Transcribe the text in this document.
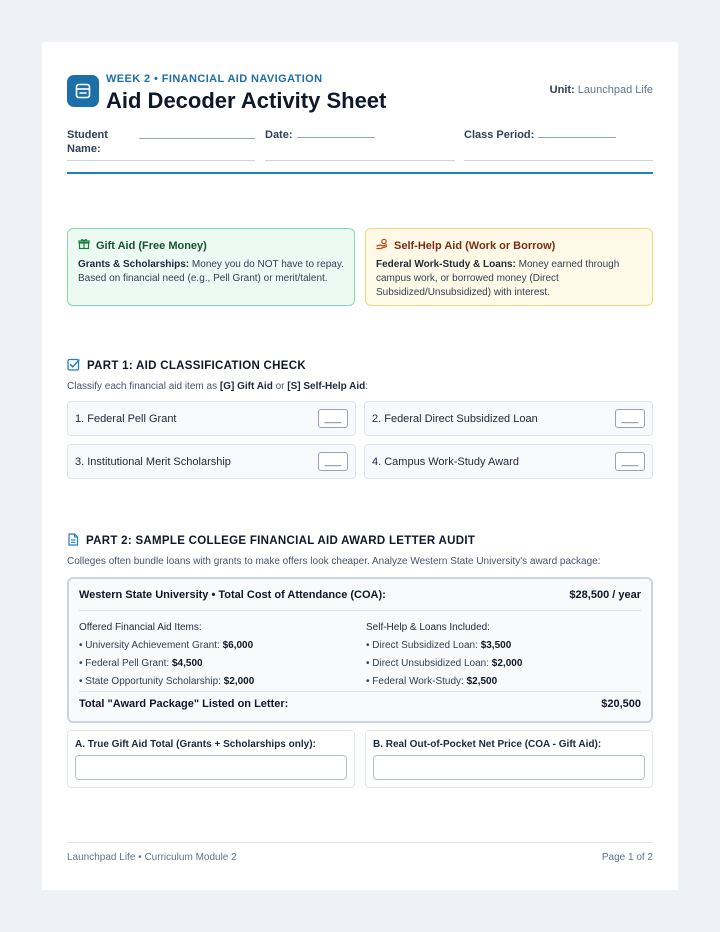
WEEK 2 • FINANCIAL AID NAVIGATION
Aid Decoder Activity Sheet	Unit: Launchpad Life
Student Name:
Date:	Class Period:
Gift Aid (Free Money)
Grants & Scholarships: Money you do NOT have to repay. Based on financial need (e.g., Pell Grant) or merit/talent.
Self-Help Aid (Work or Borrow)
Federal Work-Study & Loans: Money earned through campus work, or borrowed money (Direct Subsidized/Unsubsidized) with interest.
PART 1: AID CLASSIFICATION CHECK
Classify each financial aid item as [G] Gift Aid or [S] Self-Help Aid:
1. Federal Pell Grant	___	2. Federal Direct Subsidized Loan	___
3. Institutional Merit Scholarship	___	4. Campus Work-Study Award	___
PART 2: SAMPLE COLLEGE FINANCIAL AID AWARD LETTER AUDIT
Colleges often bundle loans with grants to make offers look cheaper. Analyze Western State University's award package:
Western State University • Total Cost of Attendance (COA):	$28,500 / year
Offered Financial Aid Items:
• University Achievement Grant: $6,000
• Federal Pell Grant: $4,500
• State Opportunity Scholarship: $2,000
Self-Help & Loans Included:
• Direct Subsidized Loan: $3,500
• Direct Unsubsidized Loan: $2,000
• Federal Work-Study: $2,500
Total "Award Package" Listed on Letter:	$20,500
A. True Gift Aid Total (Grants + Scholarships only):	B. Real Out-of-Pocket Net Price (COA - Gift Aid):
Launchpad Life • Curriculum Module 2	Page 1 of 2
